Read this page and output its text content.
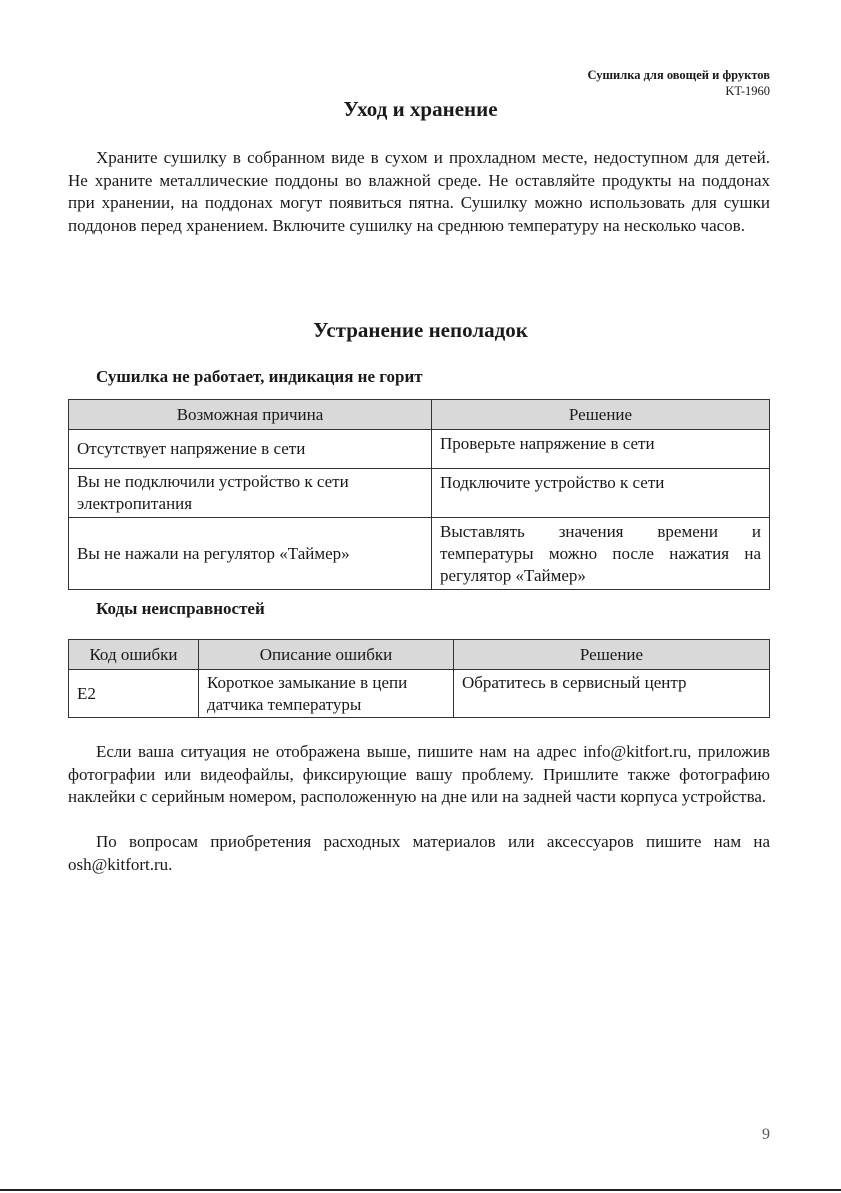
Сушилка для овощей и фруктов
KT-1960
Уход и хранение

Храните сушилку в собранном виде в сухом и прохладном месте, недоступном для детей. Не храните металлические поддоны во влажной среде. Не оставляйте продукты на поддонах при хранении, на поддонах могут появиться пятна. Сушилку можно использовать для сушки поддонов перед хранением. Включите сушилку на среднюю температуру на несколько часов.

Устранение неполадок

Сушилка не работает, индикация не горит

Возможная причина	Решение
Отсутствует напряжение в сети	Проверьте напряжение в сети
Вы не подключили устройство к сети электропитания	Подключите устройство к сети
Вы не нажали на регулятор «Таймер»	Выставлять значения времени и температуры можно после нажатия на регулятор «Таймер»

Коды неисправностей

Код ошибки	Описание ошибки	Решение
E2	Короткое замыкание в цепи датчика температуры	Обратитесь в сервисный центр

Если ваша ситуация не отображена выше, пишите нам на адрес info@kitfort.ru, приложив фотографии или видеофайлы, фиксирующие вашу проблему. Пришлите также фотографию наклейки с серийным номером, расположенную на дне или на задней части корпуса устройства.

По вопросам приобретения расходных материалов или аксессуаров пишите нам на osh@kitfort.ru.

9
